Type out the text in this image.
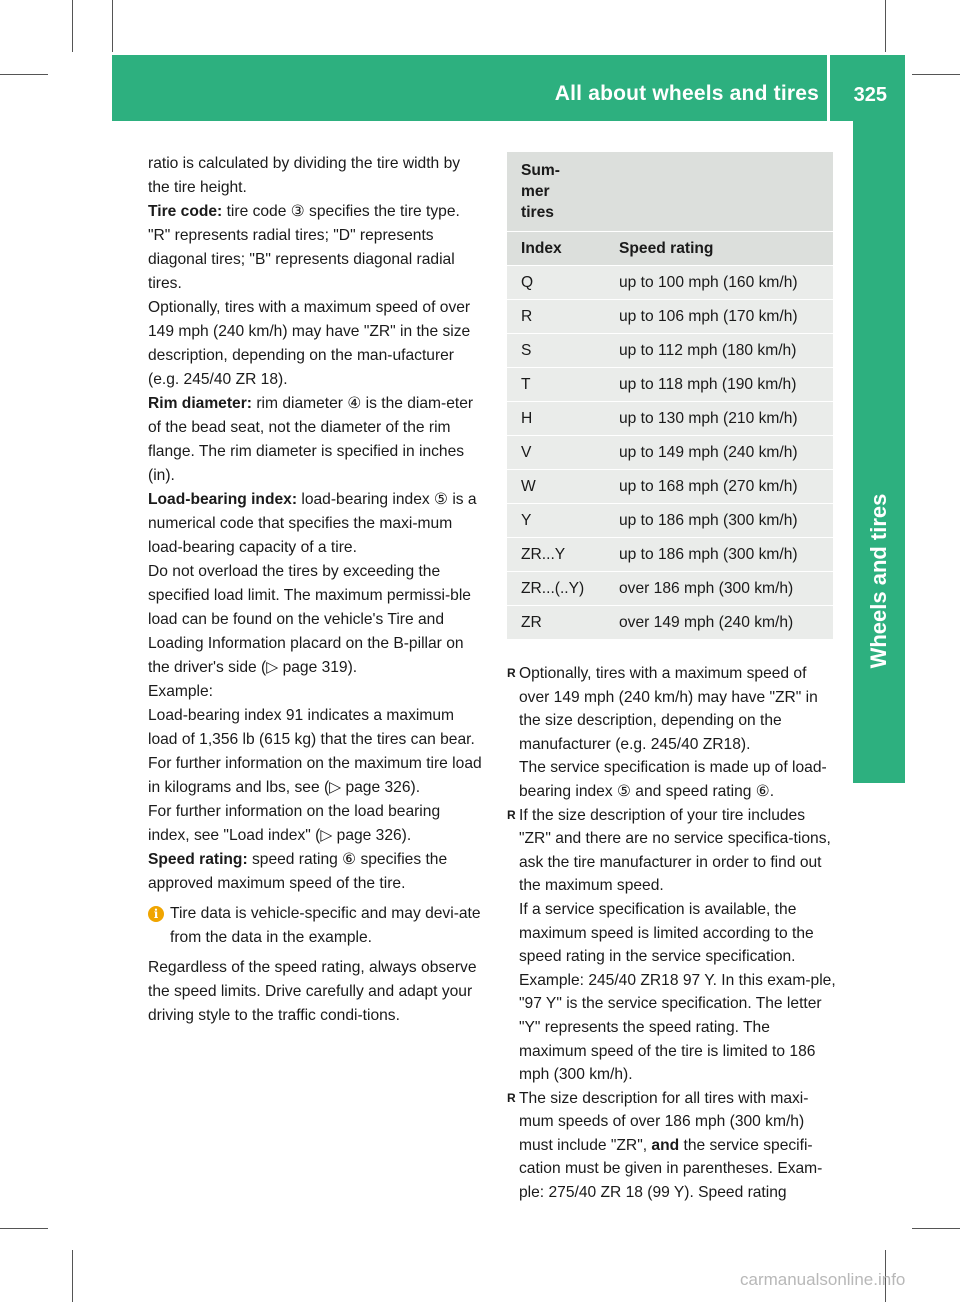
All about wheels and tires 325
Wheels and tires

ratio is calculated by dividing the tire width by the tire height.

Tire code: tire code ③ specifies the tire type. "R" represents radial tires; "D" represents diagonal tires; "B" represents diagonal radial tires.

Optionally, tires with a maximum speed of over 149 mph (240 km/h) may have "ZR" in the size description, depending on the man-ufacturer (e.g. 245/40 ZR 18).

Rim diameter: rim diameter ④ is the diam-eter of the bead seat, not the diameter of the rim flange. The rim diameter is specified in inches (in).

Load-bearing index: load-bearing index ⑤ is a numerical code that specifies the maxi-mum load-bearing capacity of a tire.

Do not overload the tires by exceeding the specified load limit. The maximum permissi-ble load can be found on the vehicle's Tire and Loading Information placard on the B-pillar on the driver's side (▷ page 319).

Example:

Load-bearing index 91 indicates a maximum load of 1,356 lb (615 kg) that the tires can bear. For further information on the maximum tire load in kilograms and lbs, see (▷ page 326).

For further information on the load bearing index, see "Load index" (▷ page 326).

Speed rating: speed rating ⑥ specifies the approved maximum speed of the tire.

i Tire data is vehicle-specific and may devi-ate from the data in the example.

Regardless of the speed rating, always observe the speed limits. Drive carefully and adapt your driving style to the traffic condi-tions.

Sum-
mer
tires	
Index	Speed rating
Q	up to 100 mph (160 km/h)
R	up to 106 mph (170 km/h)
S	up to 112 mph (180 km/h)
T	up to 118 mph (190 km/h)
H	up to 130 mph (210 km/h)
V	up to 149 mph (240 km/h)
W	up to 168 mph (270 km/h)
Y	up to 186 mph (300 km/h)
ZR...Y	up to 186 mph (300 km/h)
ZR...(..Y)	over 186 mph (300 km/h)
ZR	over 149 mph (240 km/h)

R Optionally, tires with a maximum speed of over 149 mph (240 km/h) may have "ZR" in the size description, depending on the manufacturer (e.g. 245/40 ZR18).

The service specification is made up of load-bearing index ⑤ and speed rating ⑥.

R If the size description of your tire includes "ZR" and there are no service specifica-tions, ask the tire manufacturer in order to find out the maximum speed.

If a service specification is available, the maximum speed is limited according to the speed rating in the service specification. Example: 245/40 ZR18 97 Y. In this exam-ple, "97 Y" is the service specification. The letter "Y" represents the speed rating. The maximum speed of the tire is limited to 186 mph (300 km/h).

R The size description for all tires with maxi-mum speeds of over 186 mph (300 km/h) must include "ZR", and the service specifi-cation must be given in parentheses. Exam-ple: 275/40 ZR 18 (99 Y). Speed rating

carmanualsonline.info
